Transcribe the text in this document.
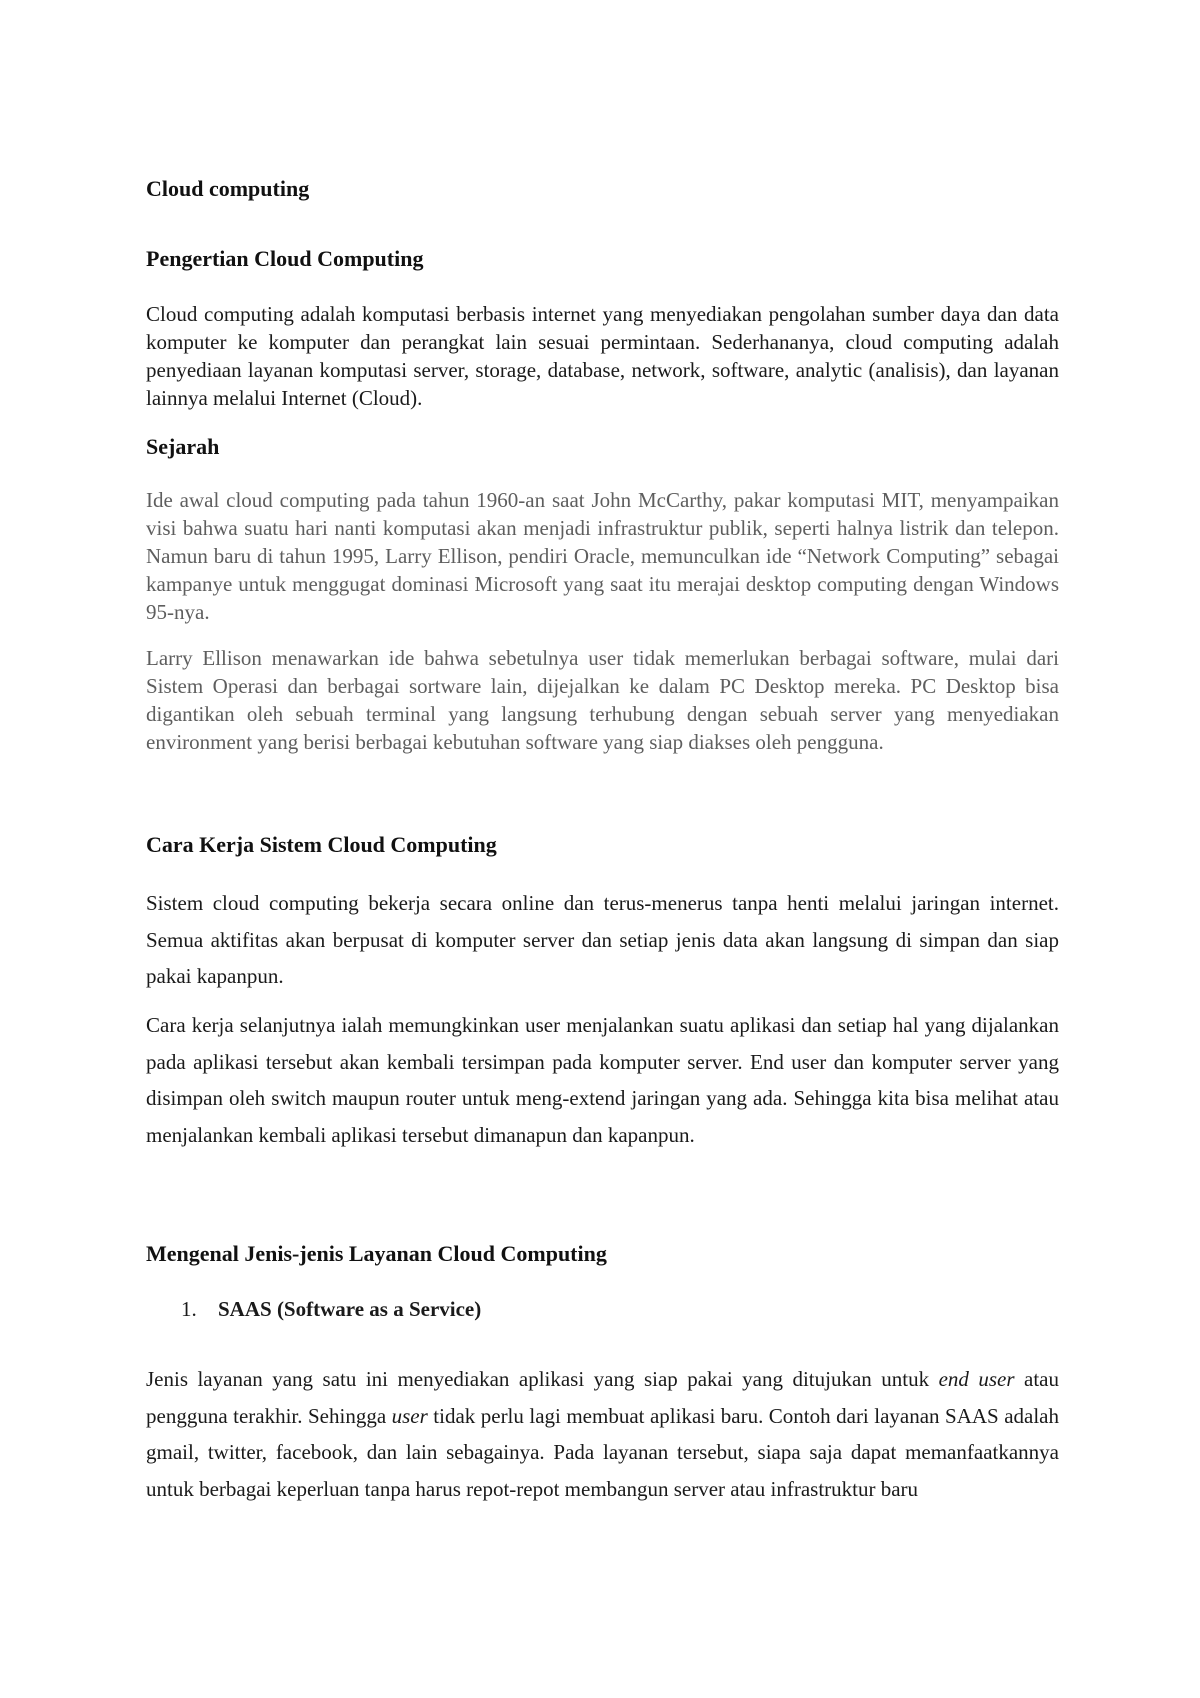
Cloud computing
Pengertian Cloud Computing

Cloud computing adalah komputasi berbasis internet yang menyediakan pengolahan sumber daya dan data komputer ke komputer dan perangkat lain sesuai permintaan. Sederhananya, cloud computing adalah penyediaan layanan komputasi server, storage, database, network, software, analytic (analisis), dan layanan lainnya melalui Internet (Cloud).

Sejarah

Ide awal cloud computing pada tahun 1960-an saat John McCarthy, pakar komputasi MIT, menyampaikan visi bahwa suatu hari nanti komputasi akan menjadi infrastruktur publik, seperti halnya listrik dan telepon. Namun baru di tahun 1995, Larry Ellison, pendiri Oracle, memunculkan ide “Network Computing” sebagai kampanye untuk menggugat dominasi Microsoft yang saat itu merajai desktop computing dengan Windows 95-nya.

Larry Ellison menawarkan ide bahwa sebetulnya user tidak memerlukan berbagai software, mulai dari Sistem Operasi dan berbagai sortware lain, dijejalkan ke dalam PC Desktop mereka. PC Desktop bisa digantikan oleh sebuah terminal yang langsung terhubung dengan sebuah server yang menyediakan environment yang berisi berbagai kebutuhan software yang siap diakses oleh pengguna.

Cara Kerja Sistem Cloud Computing

Sistem cloud computing bekerja secara online dan terus-menerus tanpa henti melalui jaringan internet. Semua aktifitas akan berpusat di komputer server dan setiap jenis data akan langsung di simpan dan siap pakai kapanpun.

Cara kerja selanjutnya ialah memungkinkan user menjalankan suatu aplikasi dan setiap hal yang dijalankan pada aplikasi tersebut akan kembali tersimpan pada komputer server. End user dan komputer server yang disimpan oleh switch maupun router untuk meng-extend jaringan yang ada. Sehingga kita bisa melihat atau menjalankan kembali aplikasi tersebut dimanapun dan kapanpun.

Mengenal Jenis-jenis Layanan Cloud Computing
1. SAAS (Software as a Service)

Jenis layanan yang satu ini menyediakan aplikasi yang siap pakai yang ditujukan untuk end user atau pengguna terakhir. Sehingga user tidak perlu lagi membuat aplikasi baru. Contoh dari layanan SAAS adalah gmail, twitter, facebook, dan lain sebagainya. Pada layanan tersebut, siapa saja dapat memanfaatkannya untuk berbagai keperluan tanpa harus repot-repot membangun server atau infrastruktur baru
